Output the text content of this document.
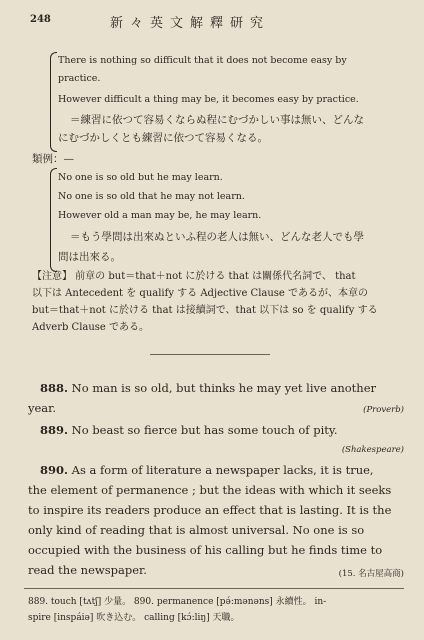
248	新々英文解釋研究
There is nothing so difficult that it does not become easy by
practice.
However difficult a thing may be, it becomes easy by practice.
＝練習に依つて容易くならぬ程にむづかしい事は無い、どんな
にむづかしくとも練習に依つて容易くなる。
類例：—
No one is so old but he may learn.
No one is so old that he may not learn.
However old a man may be, he may learn.
＝もう學問は出來ぬといふ程の老人は無い、どんな老人でも學
問は出來る。
【注意】 前章の but＝that＋not に於ける that は關係代名詞で、 that
以下は Antecedent を qualify する Adjective Clause であるが、本章の
but＝that＋not に於ける that は接續詞で、that 以下は so を qualify する
Adverb Clause である。
888. No man is so old, but thinks he may yet live another
year.	(Proverb)
889. No beast so fierce but has some touch of pity.
(Shakespeare)
890. As a form of literature a newspaper lacks, it is true,
the element of permanence ; but the ideas with which it seeks
to inspire its readers produce an effect that is lasting. It is the
only kind of reading that is almost universal. No one is so
occupied with the business of his calling but he finds time to
read the newspaper.	(15. 名古屋高商)
889. touch [tʌtʃ] 少量。 890. permanence [pə́:mənəns] 永續性。 in-
spire [inspáiə] 吹き込む。 calling [kɔ́:liŋ] 天職。
